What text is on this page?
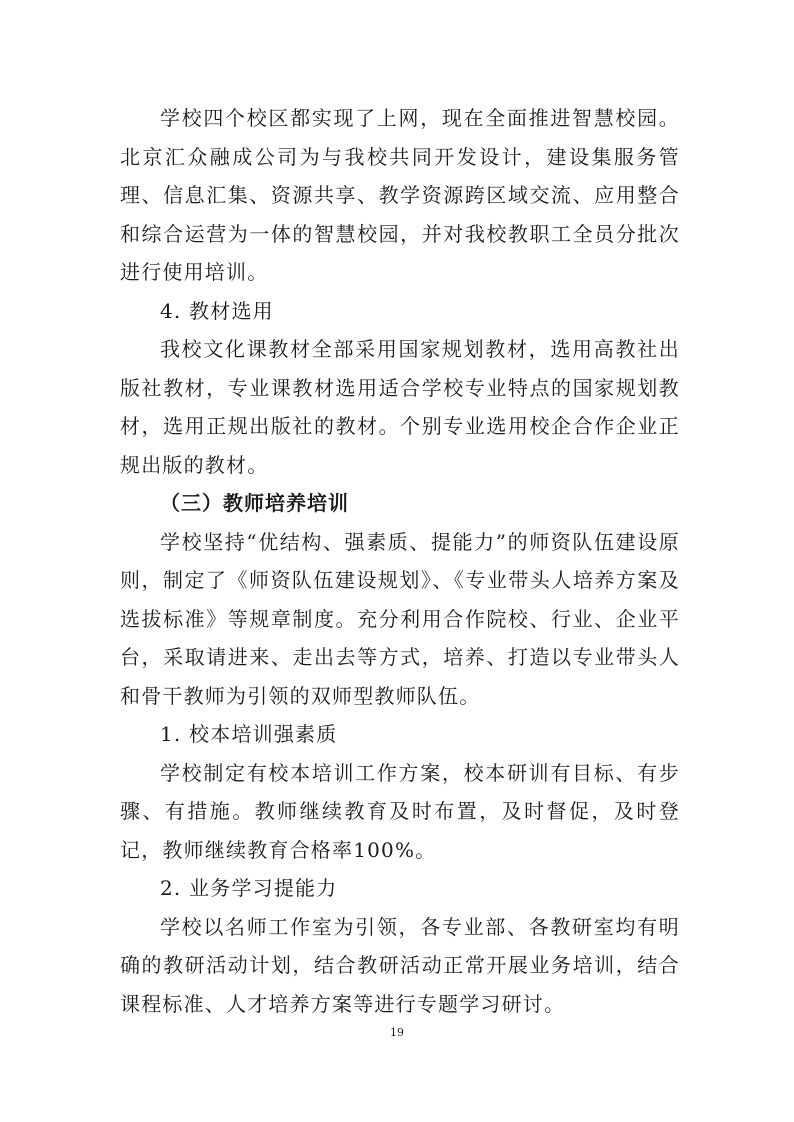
学校四个校区都实现了上网，现在全面推进智慧校园。北京汇众融成公司为与我校共同开发设计，建设集服务管理、信息汇集、资源共享、教学资源跨区域交流、应用整合和综合运营为一体的智慧校园，并对我校教职工全员分批次进行使用培训。

4. 教材选用

我校文化课教材全部采用国家规划教材，选用高教社出版社教材，专业课教材选用适合学校专业特点的国家规划教材，选用正规出版社的教材。个别专业选用校企合作企业正规出版的教材。

（三）教师培养培训

学校坚持“优结构、强素质、提能力”的师资队伍建设原则，制定了《师资队伍建设规划》、《专业带头人培养方案及选拔标准》等规章制度。充分利用合作院校、行业、企业平台，采取请进来、走出去等方式，培养、打造以专业带头人和骨干教师为引领的双师型教师队伍。

1. 校本培训强素质

学校制定有校本培训工作方案，校本研训有目标、有步骤、有措施。教师继续教育及时布置，及时督促，及时登记，教师继续教育合格率100%。

2. 业务学习提能力

学校以名师工作室为引领，各专业部、各教研室均有明确的教研活动计划，结合教研活动正常开展业务培训，结合课程标准、人才培养方案等进行专题学习研讨。

19
